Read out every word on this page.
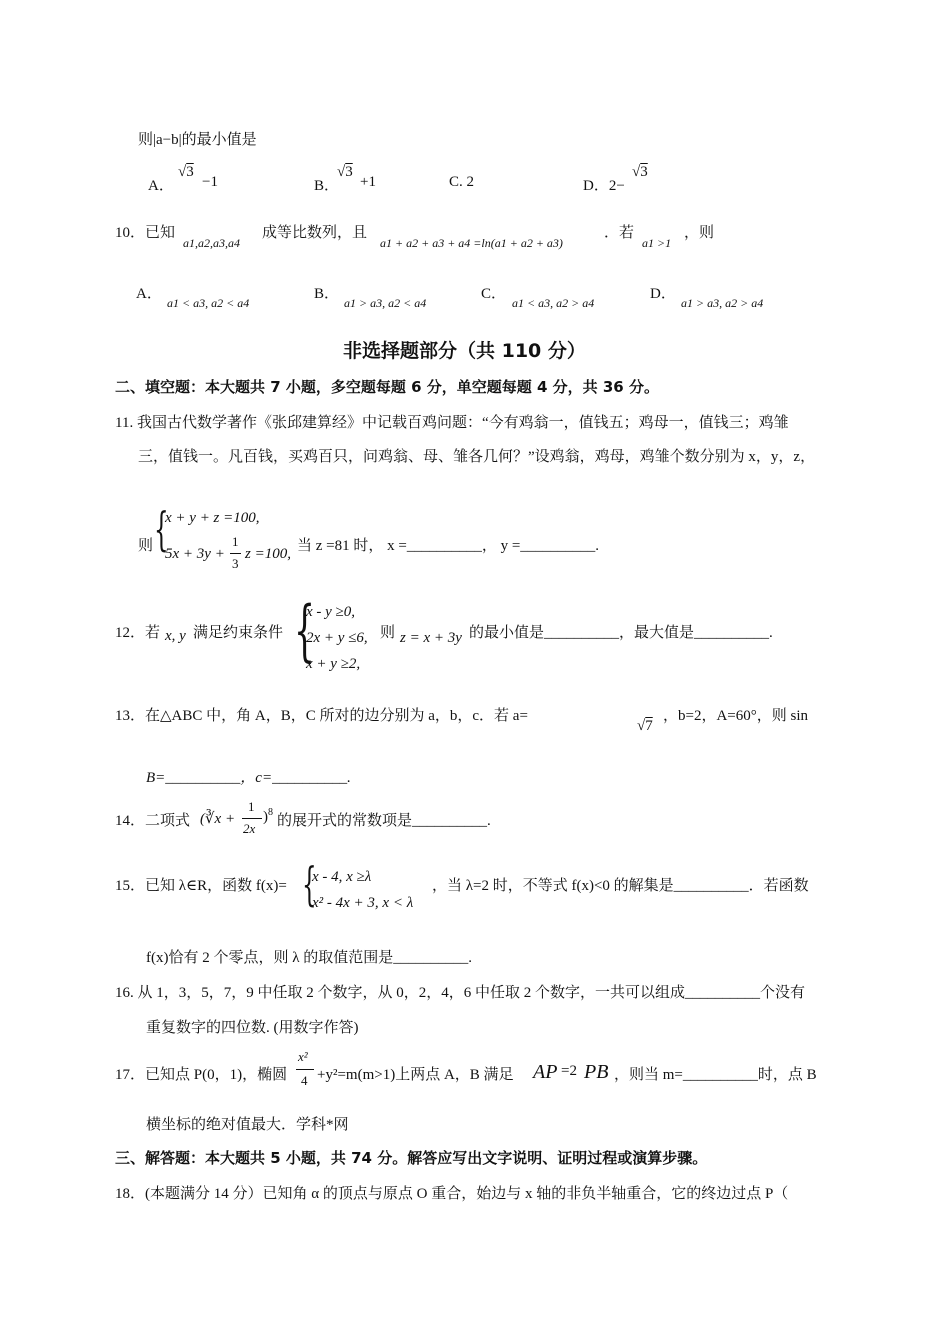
则|a−b|的最小值是
A．
√3
−1	B．
√3
+1	C. 2	D．2−
√3
10．已知
a1,a2,a3,a4
成等比数列，且
a1 + a2 + a3 + a4 =ln(a1 + a2 + a3)
．若
a1 >1
，则
A．
a1 < a3, a2 < a4
B．
a1 > a3, a2 < a4
C．
a1 < a3, a2 > a4
D．
a1 > a3, a2 > a4
非选择题部分（共 110 分）
二、填空题：本大题共 7 小题，多空题每题 6 分，单空题每题 4 分，共 36 分。
11. 我国古代数学著作《张邱建算经》中记载百鸡问题：“今有鸡翁一，值钱五；鸡母一，值钱三；鸡雏
三，值钱一。凡百钱，买鸡百只，问鸡翁、母、雏各几何？”设鸡翁，鸡母，鸡雏个数分别为 x，y，z，
则 {
x + y + z =100,
5x + 3y +
1
3
z =100, 当 z =81 时， x =__________， y =__________.
12．若 x, y 满足约束条件 {
x - y ≥0,
2x + y ≤6,
x + y ≥2,
则 z = x + 3y 的最小值是__________，最大值是__________.
13．在△ABC 中，角 A，B，C 所对的边分别为 a，b，c．若 a=
√7
，b=2，A=60°，则 sin
B=__________，c=__________.
14．二项式 (∛x +
1
2x
) 8
的展开式的常数项是__________.
15．已知 λ∈R，函数 f(x)= {
x - 4, x ≥λ
x² - 4x + 3, x < λ
，当 λ=2 时，不等式 f(x)<0 的解集是__________．若函数
f(x)恰有 2 个零点，则 λ 的取值范围是__________.
16. 从 1，3，5，7，9 中任取 2 个数字，从 0，2，4，6 中任取 2 个数字，一共可以组成__________个没有
重复数字的四位数. (用数字作答)
17．已知点 P(0，1)，椭圆
x²
4 +y²=m(m>1)上两点 A，B 满足 AP =2 PB ，则当 m=__________时，点 B
横坐标的绝对值最大．学科*网
三、解答题：本大题共 5 小题，共 74 分。解答应写出文字说明、证明过程或演算步骤。
18．(本题满分 14 分）已知角 α 的顶点与原点 O 重合，始边与 x 轴的非负半轴重合，它的终边过点 P（
